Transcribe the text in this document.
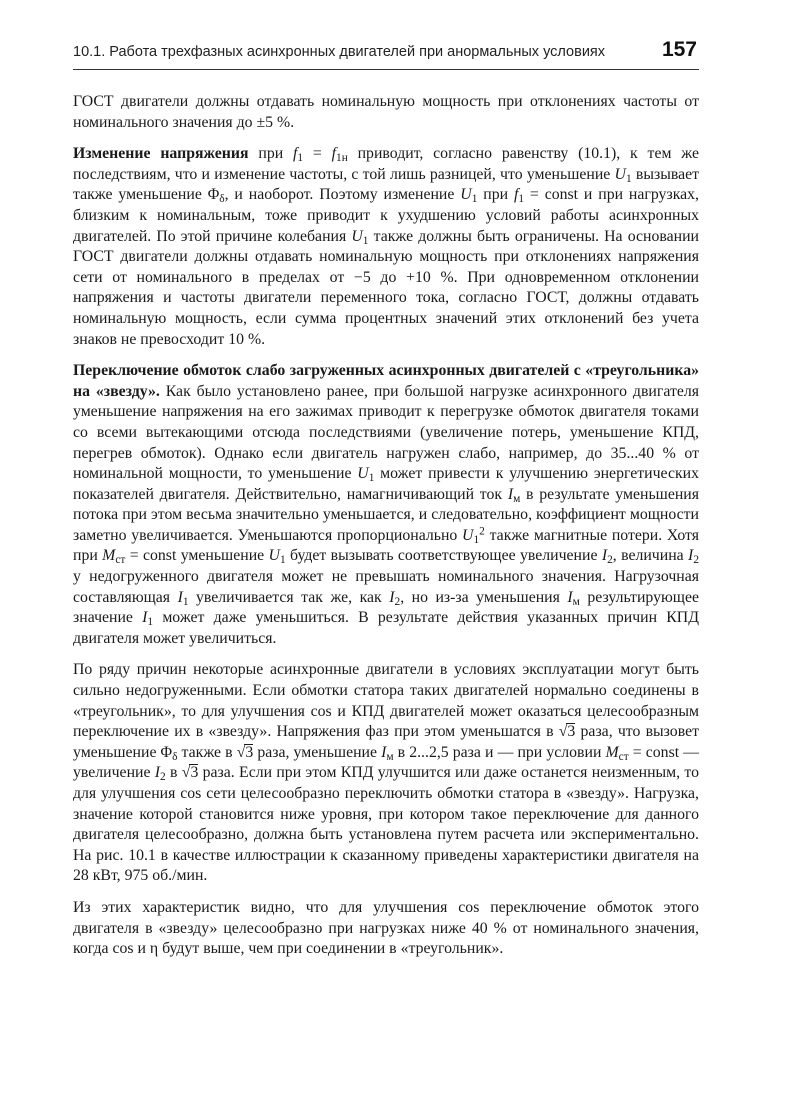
10.1. Работа трехфазных асинхронных двигателей при анормальных условиях	157

ГОСТ двигатели должны отдавать номинальную мощность при отклонениях частоты от номинального значения до ±5 %.

Изменение напряжения при $f_1 = f_{1н}$ приводит, согласно равенству (10.1), к тем же последствиям, что и изменение частоты, с той лишь разницей, что уменьшение $U_1$ вызывает также уменьшение $\Phi_\delta$, и наоборот. Поэтому изменение $U_1$ при $f_1$ = const и при нагрузках, близким к номинальным, тоже приводит к ухудшению условий работы асинхронных двигателей. По этой причине колебания $U_1$ также должны быть ограничены. На основании ГОСТ двигатели должны отдавать номинальную мощность при отклонениях напряжения сети от номинального в пределах от −5 до +10 %. При одновременном отклонении напряжения и частоты двигатели переменного тока, согласно ГОСТ, должны отдавать номинальную мощность, если сумма процентных значений этих отклонений без учета знаков не превосходит 10 %.

Переключение обмоток слабо загруженных асинхронных двигателей с «треугольника» на «звезду». Как было установлено ранее, при большой нагрузке асинхронного двигателя уменьшение напряжения на его зажимах приводит к перегрузке обмоток двигателя токами со всеми вытекающими отсюда последствиями (увеличение потерь, уменьшение КПД, перегрев обмоток). Однако если двигатель нагружен слабо, например, до 35...40 % от номинальной мощности, то уменьшение $U_1$ может привести к улучшению энергетических показателей двигателя. Действительно, намагничивающий ток $I_м$ в результате уменьшения потока при этом весьма значительно уменьшается, и следовательно, коэффициент мощности заметно увеличивается. Уменьшаются пропорционально $U_1^2$ также магнитные потери. Хотя при $M_{ст}$ = const уменьшение $U_1$ будет вызывать соответствующее увеличение $I_2$, величина $I_2$ у недогруженного двигателя может не превышать номинального значения. Нагрузочная составляющая $I_1$ увеличивается так же, как $I_2$, но из-за уменьшения $I_м$ результирующее значение $I_1$ может даже уменьшиться. В результате действия указанных причин КПД двигателя может увеличиться.

По ряду причин некоторые асинхронные двигатели в условиях эксплуатации могут быть сильно недогруженными. Если обмотки статора таких двигателей нормально соединены в «треугольник», то для улучшения cos и КПД двигателей может оказаться целесообразным переключение их в «звезду». Напряжения фаз при этом уменьшатся в √3 раза, что вызовет уменьшение $\Phi_\delta$ также в √3 раза, уменьшение $I_м$ в 2...2,5 раза и — при условии $M_{ст}$ = const — увеличение $I_2$ в √3 раза. Если при этом КПД улучшится или даже останется неизменным, то для улучшения cos сети целесообразно переключить обмотки статора в «звезду». Нагрузка, значение которой становится ниже уровня, при котором такое переключение для данного двигателя целесообразно, должна быть установлена путем расчета или экспериментально. На рис. 10.1 в качестве иллюстрации к сказанному приведены характеристики двигателя на 28 кВт, 975 об./мин.

Из этих характеристик видно, что для улучшения cos переключение обмоток этого двигателя в «звезду» целесообразно при нагрузках ниже 40 % от номинального значения, когда cos и η будут выше, чем при соединении в «треугольник».
